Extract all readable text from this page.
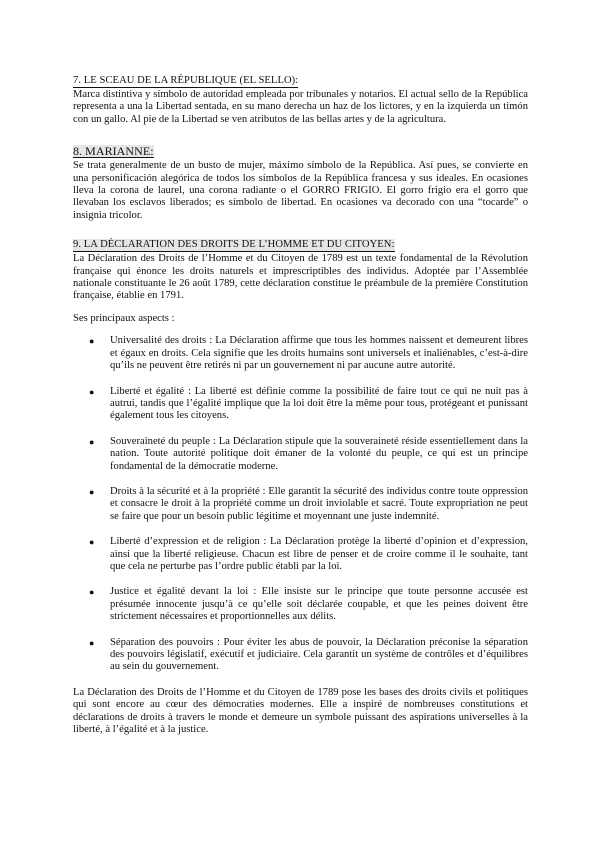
7. LE SCEAU DE LA RÉPUBLIQUE (EL SELLO):

Marca distintiva y símbolo de autoridad empleada por tribunales y notarios. El actual sello de la República representa a una la Libertad sentada, en su mano derecha un haz de los lictores, y en la izquierda un timón con un gallo. Al pie de la Libertad se ven atributos de las bellas artes y de la agricultura.

8. MARIANNE:

Se trata generalmente de un busto de mujer, máximo símbolo de la República. Así pues, se convierte en una personificación alegórica de todos los símbolos de la República francesa y sus ideales. En ocasiones lleva la corona de laurel, una corona radiante o el GORRO FRIGIO. El gorro frigio era el gorro que llevaban los esclavos liberados; es símbolo de libertad. En ocasiones va decorado con una “tocarde” o insignia tricolor.

9. LA DÉCLARATION DES DROITS DE L’HOMME ET DU CITOYEN:

La Déclaration des Droits de l’Homme et du Citoyen de 1789 est un texte fondamental de la Révolution française qui énonce les droits naturels et imprescriptibles des individus. Adoptée par l’Assemblée nationale constituante le 26 août 1789, cette déclaration constitue le préambule de la première Constitution française, établie en 1791.

Ses principaux aspects :

● Universalité des droits : La Déclaration affirme que tous les hommes naissent et demeurent libres et égaux en droits. Cela signifie que les droits humains sont universels et inaliénables, c’est-à-dire qu’ils ne peuvent être retirés ni par un gouvernement ni par aucune autre autorité.
● Liberté et égalité : La liberté est définie comme la possibilité de faire tout ce qui ne nuit pas à autrui, tandis que l’égalité implique que la loi doit être la même pour tous, protégeant et punissant également tous les citoyens.
● Souveraineté du peuple : La Déclaration stipule que la souveraineté réside essentiellement dans la nation. Toute autorité politique doit émaner de la volonté du peuple, ce qui est un principe fondamental de la démocratie moderne.
● Droits à la sécurité et à la propriété : Elle garantit la sécurité des individus contre toute oppression et consacre le droit à la propriété comme un droit inviolable et sacré. Toute expropriation ne peut se faire que pour un besoin public légitime et moyennant une juste indemnité.
● Liberté d’expression et de religion : La Déclaration protège la liberté d’opinion et d’expression, ainsi que la liberté religieuse. Chacun est libre de penser et de croire comme il le souhaite, tant que cela ne perturbe pas l’ordre public établi par la loi.
● Justice et égalité devant la loi : Elle insiste sur le principe que toute personne accusée est présumée innocente jusqu’à ce qu’elle soit déclarée coupable, et que les peines doivent être strictement nécessaires et proportionnelles aux délits.
● Séparation des pouvoirs : Pour éviter les abus de pouvoir, la Déclaration préconise la séparation des pouvoirs législatif, exécutif et judiciaire. Cela garantit un système de contrôles et d’équilibres au sein du gouvernement.

La Déclaration des Droits de l’Homme et du Citoyen de 1789 pose les bases des droits civils et politiques qui sont encore au cœur des démocraties modernes. Elle a inspiré de nombreuses constitutions et déclarations de droits à travers le monde et demeure un symbole puissant des aspirations universelles à la liberté, à l’égalité et à la justice.
